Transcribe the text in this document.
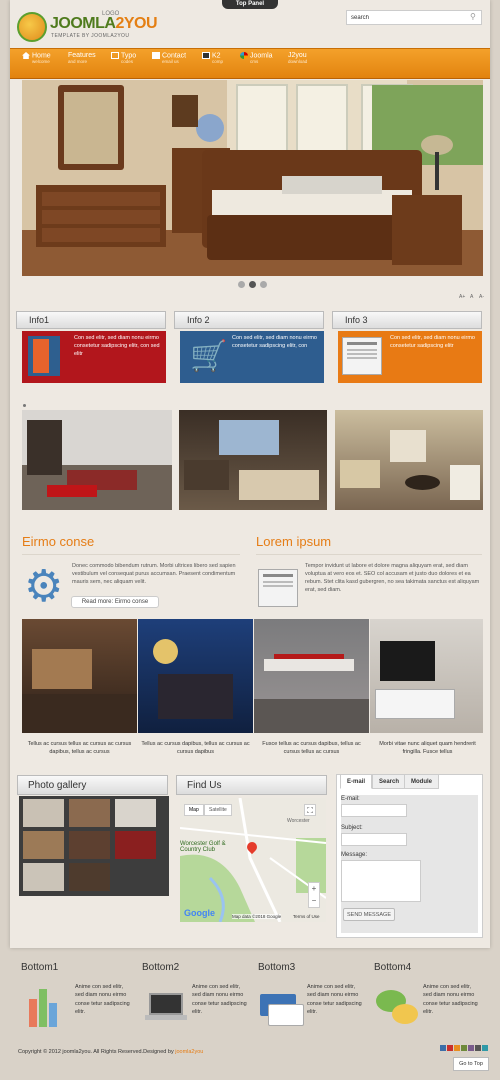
Top Panel
JOOMLA2YOU
LOGO
TEMPLATE BY JOOMLA2YOU
search
⚲
Home
welcome
Features
and more
Typo
codes
Contact
email us
K2
comp
Joomla
cms
J2you
download
A+ A A-
Info1
Con sed elitr, sed diam nonu eirmo consetetur sadipscing elitr, con sed elitr
Info 2
🛒
Con sed elitr, sed diam nonu eirmo consetetur sadipscing elitr, con
Info 3
Con sed elitr, sed diam nonu eirmo consetetur sadipscing elitr
Eirmo conse
⚙	Donec commodo bibendum rutrum. Morbi ultrices libero sed sapien vestibulum vel consequat purus accumsan. Praesent condimentum mauris sem, nec aliquam velit.
Read more: Eirmo conse
Lorem ipsum
Tempor invidunt ut labore et dolore magna aliquyam erat, sed diam voluptua at vero eos et. SEO col accusam et justo duo dolores et ea rebum. Stet clita kasd gubergren, no sea takimata sanctus est aliquyam erat, sed diam.
Tellus ac cursus tellus ac cursus ac cursus dapibus, tellus ac cursus
Tellus ac cursus dapibus, tellus ac cursus ac cursus dapibus
Fusce tellus ac cursus dapibus, tellus ac cursus tellus ac cursus
Morbi vitae nunc aliquet quam hendrerit fringilla. Fusce tellus
Photo gallery	Find Us
Map	Satellite	⛶
Worcester Golf & Country Club
Worcester
+
−
Google	Map data ©2018 Google	Terms of Use
E-mail	Search	Module
E-mail:
Subject:
Message:
SEND MESSAGE
Bottom1
Anime con sed elitr, sed diam nonu eirmo conse tetur sadipscing elitr.
Bottom2
Anime con sed elitr, sed diam nonu eirmo conse tetur sadipscing elitr.
Bottom3
Anime con sed elitr, sed diam nonu eirmo conse tetur sadipscing elitr.
Bottom4
Anime con sed elitr, sed diam nonu eirmo conse tetur sadipscing elitr.
Copyright © 2012 joomla2you. All Rights Reserved.Designed by joomla2you
Go to Top
